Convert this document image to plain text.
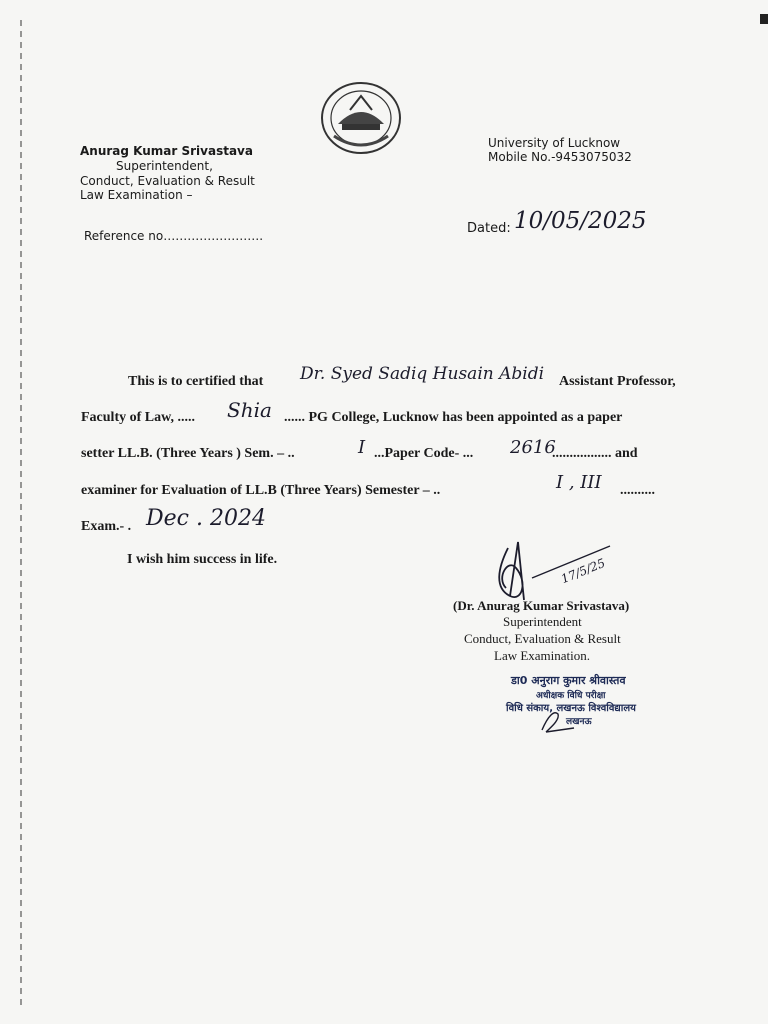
Anurag Kumar Srivastava
Superintendent,
Conduct, Evaluation & Result
Law Examination –
Reference no…………………….
University of Lucknow
Mobile No.-9453075032
Dated: 10/05/2025
This is to certified that Dr. Syed Sadiq Husain Abidi Assistant Professor,
Faculty of Law, ..... Shia ...... PG College, Lucknow has been appointed as a paper
setter LL.B. (Three Years ) Sem. – ..	I ...Paper Code- ... 2616
................. and
examiner for Evaluation of LL.B (Three Years) Semester – ..	I , III ..........
Exam.- . Dec . 2024
I wish him success in life.	17/5/25
(Dr. Anurag Kumar Srivastava)
Superintendent
Conduct, Evaluation & Result
Law Examination.
डा0 अनुराग कुमार श्रीवास्तव
अधीक्षक विधि परीक्षा
विधि संकाय, लखनऊ विश्वविद्यालय
लखनऊ
